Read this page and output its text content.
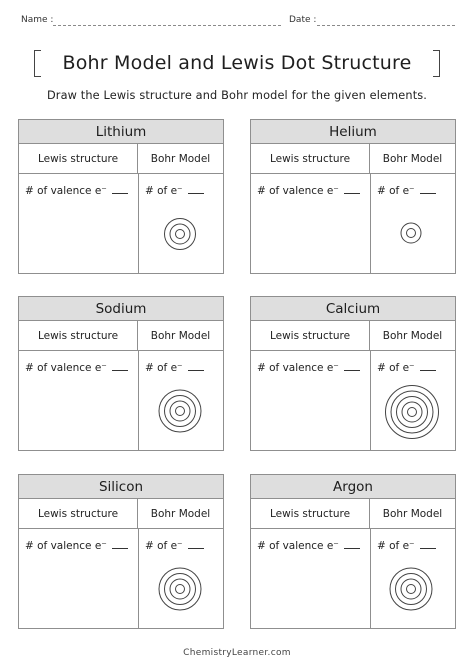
Name :	Date :
Bohr Model and Lewis Dot Structure
Draw the Lewis structure and Bohr model for the given elements.
Lithium
Lewis structure	Bohr Model
# of valence e⁻	# of e⁻
Helium
Lewis structure	Bohr Model
# of valence e⁻	# of e⁻
Sodium
Lewis structure	Bohr Model
# of valence e⁻	# of e⁻
Calcium
Lewis structure	Bohr Model
# of valence e⁻	# of e⁻
Silicon
Lewis structure	Bohr Model
# of valence e⁻	# of e⁻
Argon
Lewis structure	Bohr Model
# of valence e⁻	# of e⁻
ChemistryLearner.com
